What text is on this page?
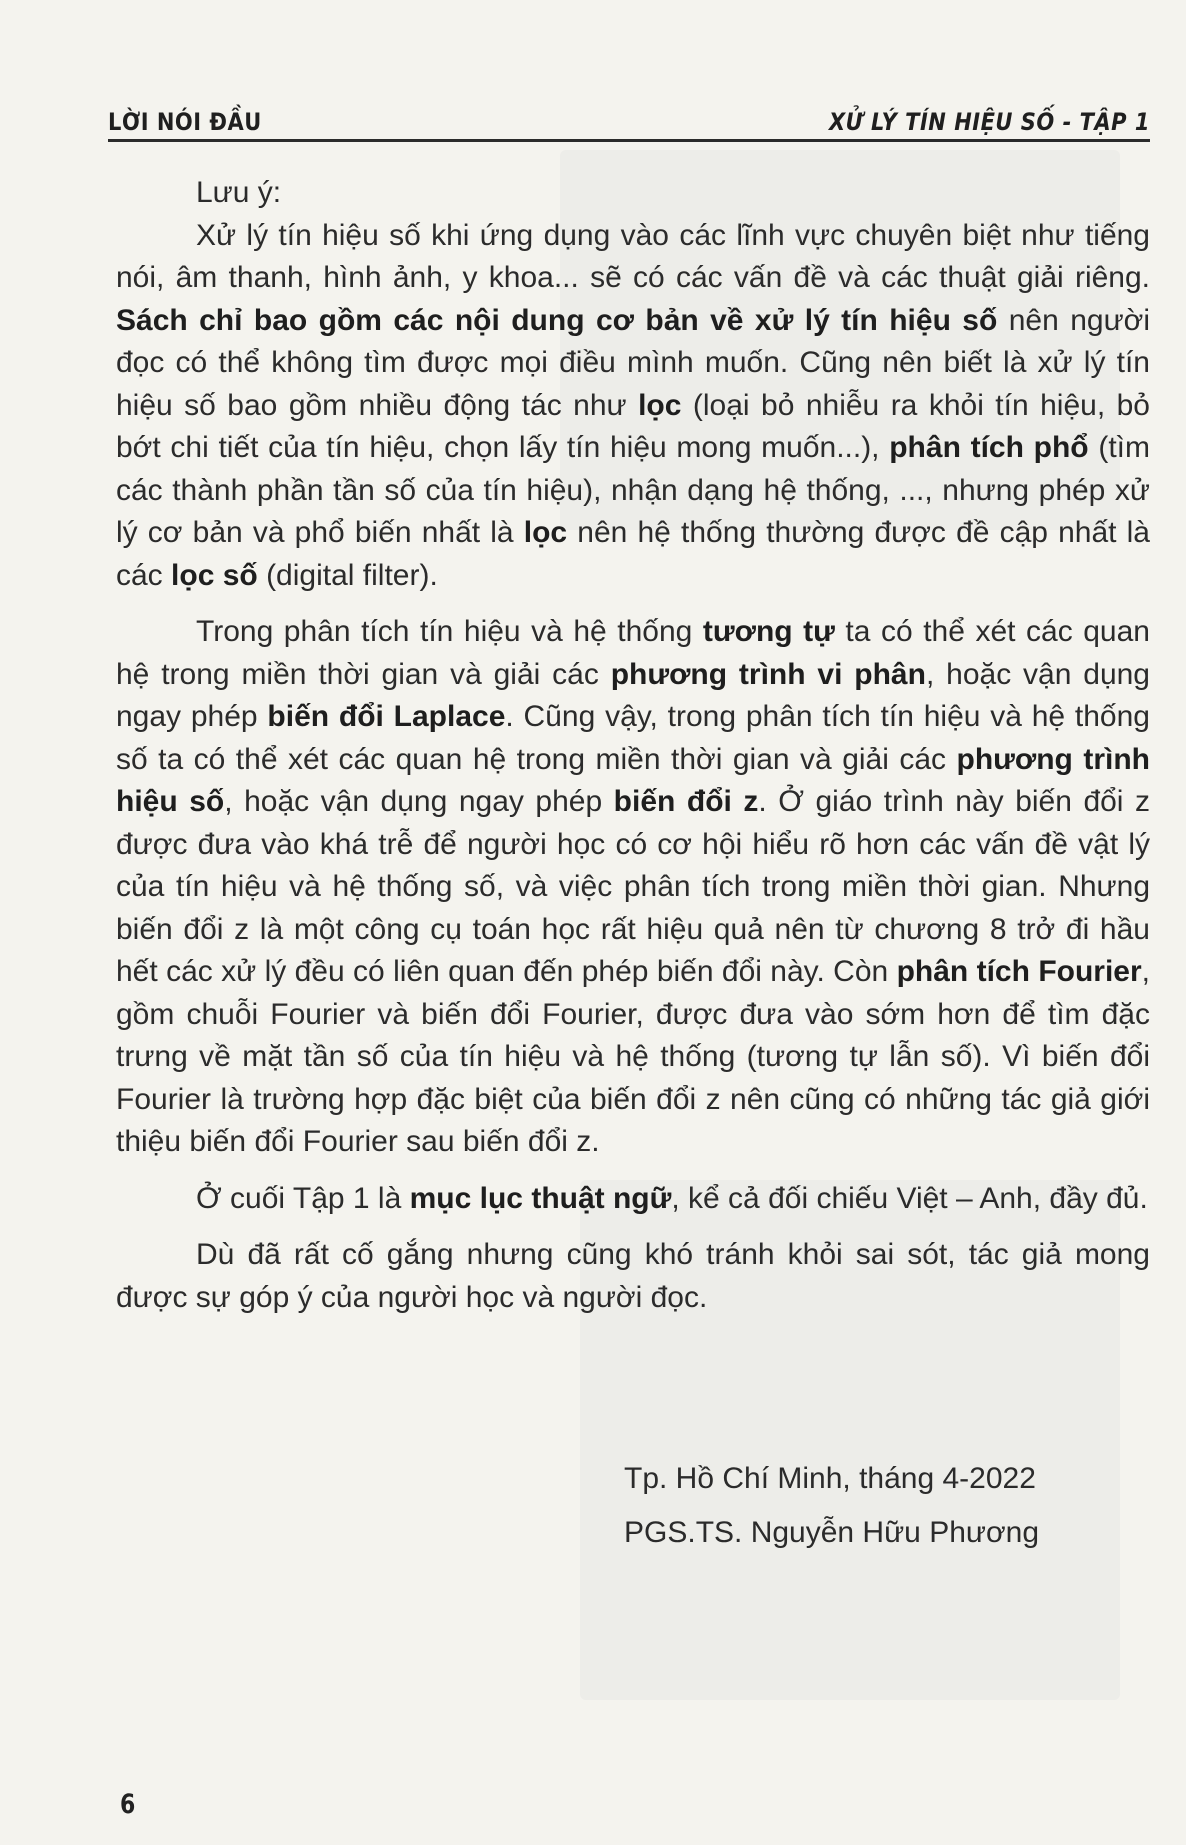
LỜI NÓI ĐẦU	XỬ LÝ TÍN HIỆU SỐ - TẬP 1

Lưu ý:

Xử lý tín hiệu số khi ứng dụng vào các lĩnh vực chuyên biệt như tiếng nói, âm thanh, hình ảnh, y khoa... sẽ có các vấn đề và các thuật giải riêng. Sách chỉ bao gồm các nội dung cơ bản về xử lý tín hiệu số nên người đọc có thể không tìm được mọi điều mình muốn. Cũng nên biết là xử lý tín hiệu số bao gồm nhiều động tác như lọc (loại bỏ nhiễu ra khỏi tín hiệu, bỏ bớt chi tiết của tín hiệu, chọn lấy tín hiệu mong muốn...), phân tích phổ (tìm các thành phần tần số của tín hiệu), nhận dạng hệ thống, ..., nhưng phép xử lý cơ bản và phổ biến nhất là lọc nên hệ thống thường được đề cập nhất là các lọc số (digital filter).

Trong phân tích tín hiệu và hệ thống tương tự ta có thể xét các quan hệ trong miền thời gian và giải các phương trình vi phân, hoặc vận dụng ngay phép biến đổi Laplace. Cũng vậy, trong phân tích tín hiệu và hệ thống số ta có thể xét các quan hệ trong miền thời gian và giải các phương trình hiệu số, hoặc vận dụng ngay phép biến đổi z. Ở giáo trình này biến đổi z được đưa vào khá trễ để người học có cơ hội hiểu rõ hơn các vấn đề vật lý của tín hiệu và hệ thống số, và việc phân tích trong miền thời gian. Nhưng biến đổi z là một công cụ toán học rất hiệu quả nên từ chương 8 trở đi hầu hết các xử lý đều có liên quan đến phép biến đổi này. Còn phân tích Fourier, gồm chuỗi Fourier và biến đổi Fourier, được đưa vào sớm hơn để tìm đặc trưng về mặt tần số của tín hiệu và hệ thống (tương tự lẫn số). Vì biến đổi Fourier là trường hợp đặc biệt của biến đổi z nên cũng có những tác giả giới thiệu biến đổi Fourier sau biến đổi z.

Ở cuối Tập 1 là mục lục thuật ngữ, kể cả đối chiếu Việt – Anh, đầy đủ.

Dù đã rất cố gắng nhưng cũng khó tránh khỏi sai sót, tác giả mong được sự góp ý của người học và người đọc.

Tp. Hồ Chí Minh, tháng 4-2022
PGS.TS. Nguyễn Hữu Phương
6
